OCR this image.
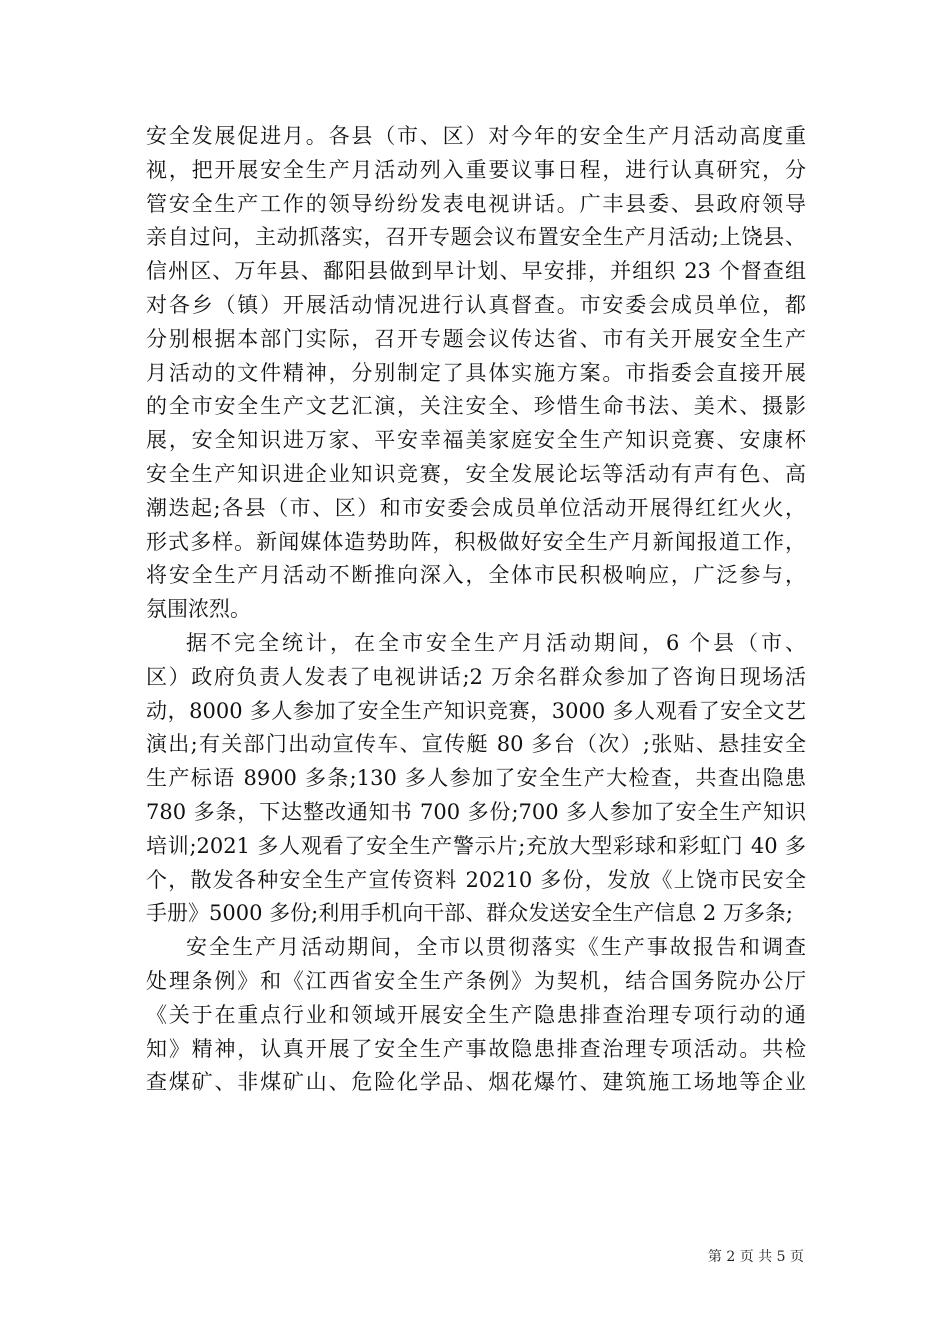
安全发展促进月。各县（市、区）对今年的安全生产月活动高度重
视，把开展安全生产月活动列入重要议事日程，进行认真研究，分
管安全生产工作的领导纷纷发表电视讲话。广丰县委、县政府领导
亲自过问，主动抓落实，召开专题会议布置安全生产月活动;上饶县、
信州区、万年县、鄱阳县做到早计划、早安排，并组织 23 个督查组
对各乡（镇）开展活动情况进行认真督查。市安委会成员单位，都
分别根据本部门实际，召开专题会议传达省、市有关开展安全生产
月活动的文件精神，分别制定了具体实施方案。市指委会直接开展
的全市安全生产文艺汇演，关注安全、珍惜生命书法、美术、摄影
展，安全知识进万家、平安幸福美家庭安全生产知识竞赛、安康杯
安全生产知识进企业知识竞赛，安全发展论坛等活动有声有色、高
潮迭起;各县（市、区）和市安委会成员单位活动开展得红红火火，
形式多样。新闻媒体造势助阵，积极做好安全生产月新闻报道工作，
将安全生产月活动不断推向深入，全体市民积极响应，广泛参与，
氛围浓烈。
据不完全统计，在全市安全生产月活动期间，6 个县（市、
区）政府负责人发表了电视讲话;2 万余名群众参加了咨询日现场活
动，8000 多人参加了安全生产知识竞赛，3000 多人观看了安全文艺
演出;有关部门出动宣传车、宣传艇 80 多台（次）;张贴、悬挂安全
生产标语 8900 多条;130 多人参加了安全生产大检查，共查出隐患
780 多条，下达整改通知书 700 多份;700 多人参加了安全生产知识
培训;2021 多人观看了安全生产警示片;充放大型彩球和彩虹门 40 多
个，散发各种安全生产宣传资料 20210 多份，发放《上饶市民安全
手册》5000 多份;利用手机向干部、群众发送安全生产信息 2 万多条;
安全生产月活动期间，全市以贯彻落实《生产事故报告和调查
处理条例》和《江西省安全生产条例》为契机，结合国务院办公厅
《关于在重点行业和领域开展安全生产隐患排查治理专项行动的通
知》精神，认真开展了安全生产事故隐患排查治理专项活动。共检
查煤矿、非煤矿山、危险化学品、烟花爆竹、建筑施工场地等企业
第 2 页 共 5 页
